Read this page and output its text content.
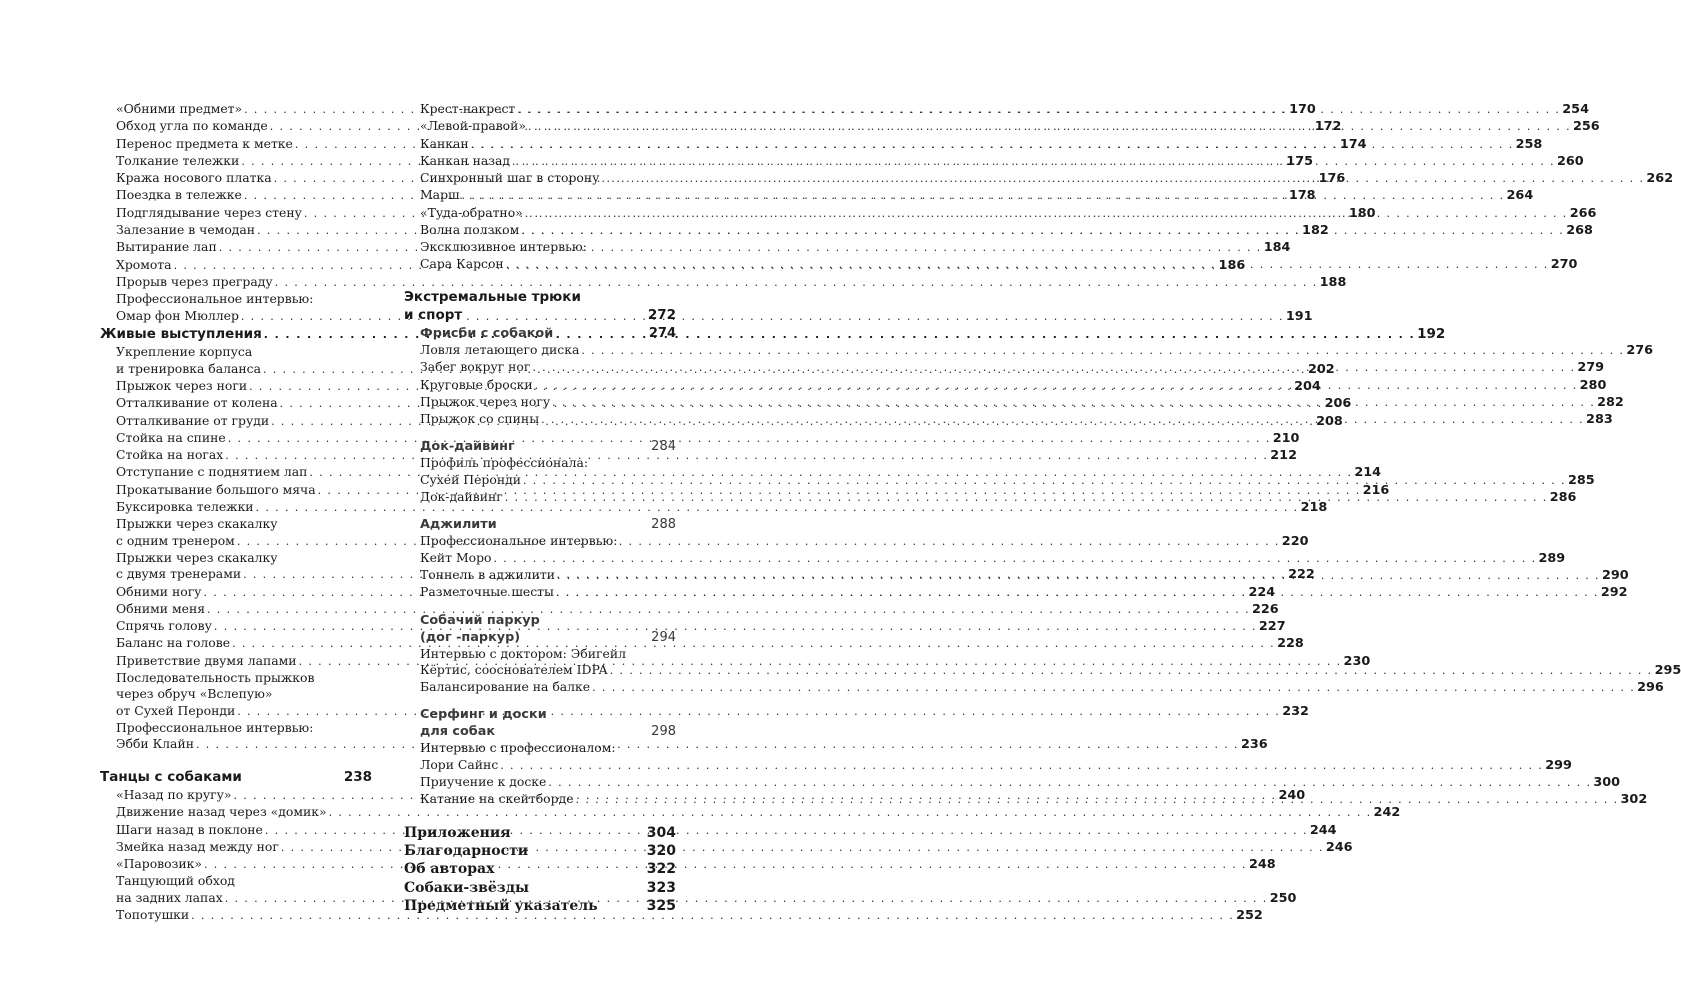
«Обними предмет» . . .	170
Обход угла по команде . . .	172
Перенос предмета к метке . . .	174
Толкание тележки . . .	175
Кража носового платка . . .	176
Поездка в тележке . . .	178
Подглядывание через стену . . .	180
Залезание в чемодан . . .	182
Вытирание лап . . .	184
Хромота . . .	186
Прорыв через преграду . . .	188
Профессиональное интервью:
Омар фон Мюллер . . .	191
Живые выступления . . .	192
Укрепление корпуса
и тренировка баланса . . .	202
Прыжок через ноги . . .	204
Отталкивание от колена . . .	206
Отталкивание от груди . . .	208
Стойка на спине . . .	210
Стойка на ногах . . .	212
Отступание с поднятием лап . . .	214
Прокатывание большого мяча . . .	216
Буксировка тележки . . .	218
Прыжки через скакалку
с одним тренером . . .	220
Прыжки через скакалку
с двумя тренерами . . .	222
Обними ногу . . .	224
Обними меня . . .	226
Спрячь голову . . .	227
Баланс на голове . . .	228
Приветствие двумя лапами . . .	230
Последовательность прыжков
через обруч «Вслепую»
от Сухей Перонди . . .	232
Профессиональное интервью:
Эбби Клайн . . .	236
Танцы с собаками	238
«Назад по кругу» . . .	240
Движение назад через «домик» . . .	242
Шаги назад в поклоне . . .	244
Змейка назад между ног . . .	246
«Паровозик» . . .	248
Танцующий обход
на задних лапах . . .	250
Топотушки . . .	252
Крест-накрест . . .	254
«Левой-правой» . . .	256
Канкан . . .	258
Канкан назад . . .	260
Синхронный шаг в сторону . . .	262
Марш . . .	264
«Туда-обратно» . . .	266
Волна ползком . . .	268
Эксклюзивное интервью:
Сара Карсон . . .	270
Экстремальные трюки
и спорт	272
Фрисби с собакой	274
Ловля летающего диска . . .	276
Забег вокруг ног . . .	279
Круговые броски . . .	280
Прыжок через ногу . . .	282
Прыжок со спины . . .	283
Док-дайвинг	284
Профиль профессионала:
Сухей Перонди . . .	285
Док-дайвинг . . .	286
Аджилити	288
Профессиональное интервью:
Кейт Моро . . .	289
Тоннель в аджилити . . .	290
Разметочные шесты . . .	292
Собачий паркур
(дог -паркур)	294
Интервью с доктором: Эбигейл
Кёртис, сооснователем IDPA . . .	295
Балансирование на балке . . .	296
Серфинг и доски
для собак	298
Интервью с профессионалом:
Лори Сайнс . . .	299
Приучение к доске . . .	300
Катание на скейтборде . . .	302
Приложения	304
Благодарности	320
Об авторах	322
Собаки-звёзды	323
Предметный указатель	325
